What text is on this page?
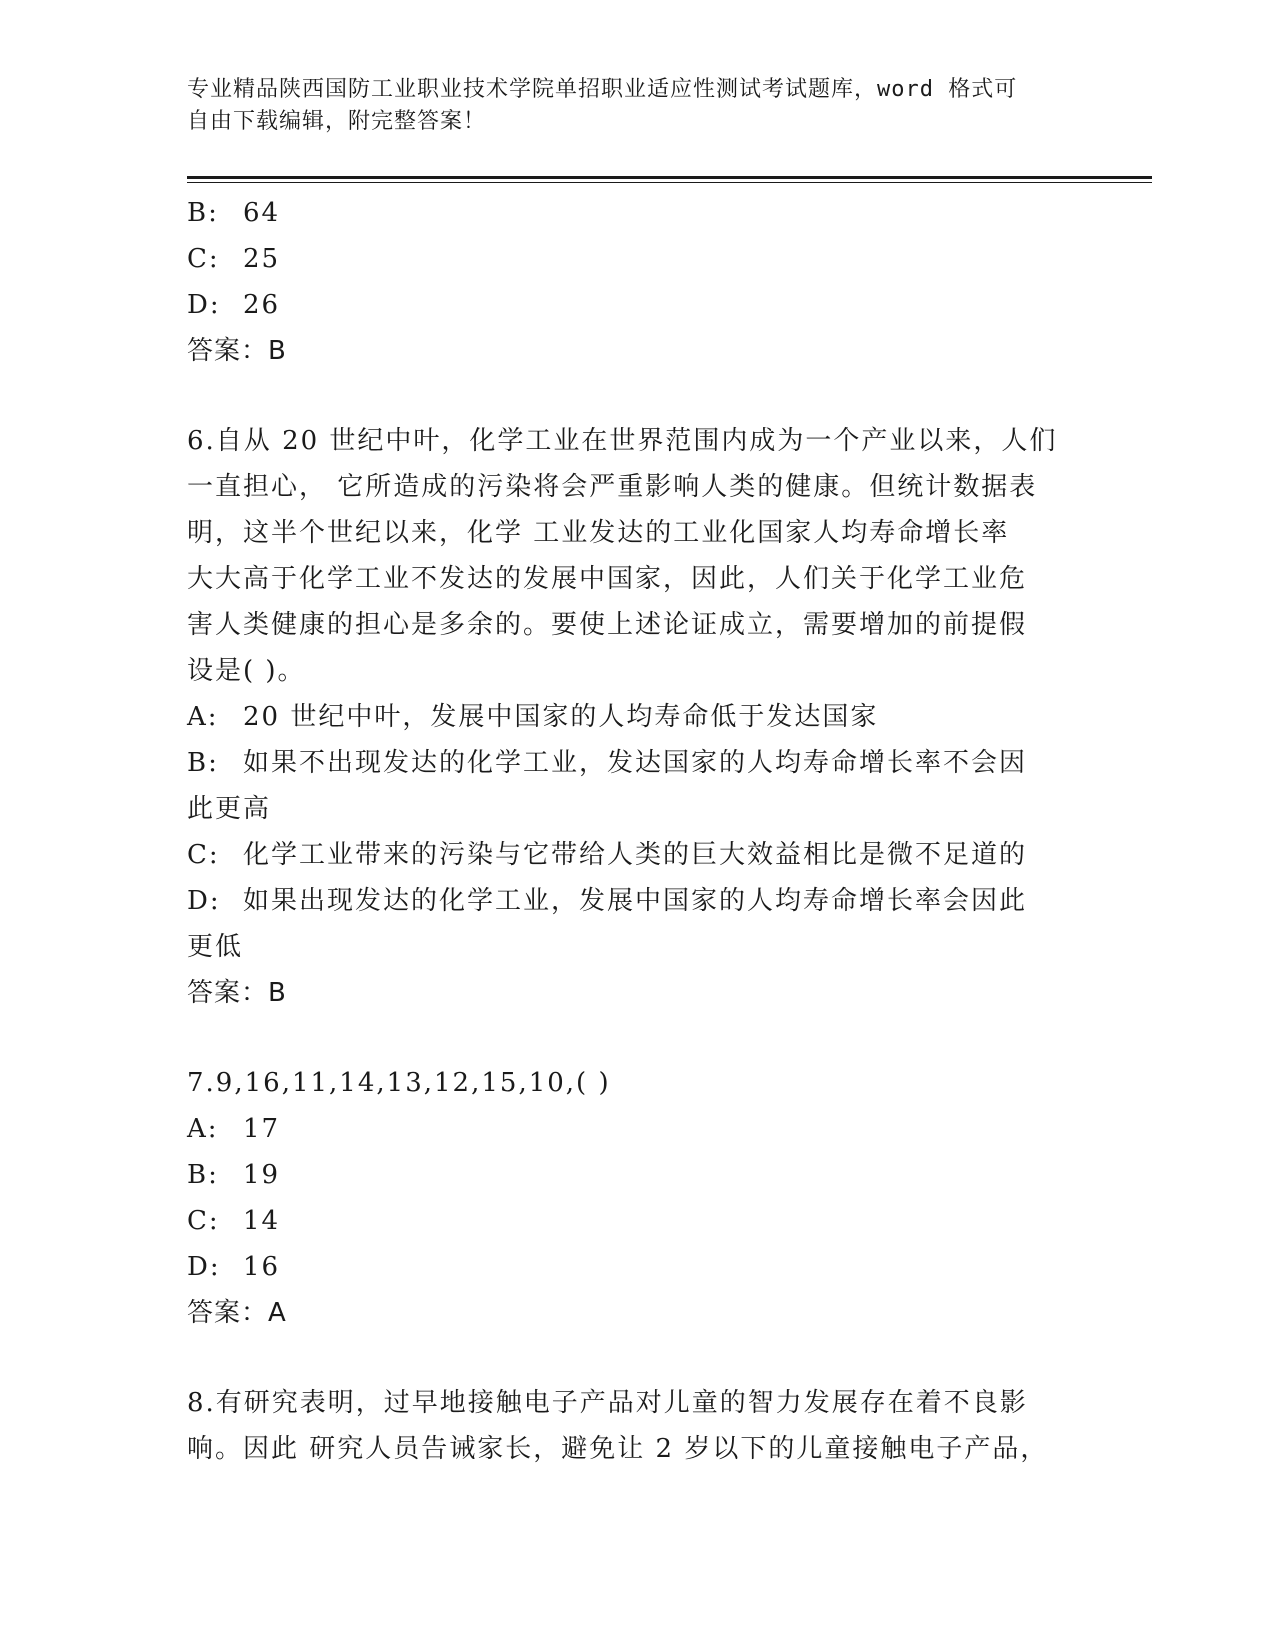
专业精品陕西国防工业职业技术学院单招职业适应性测试考试题库，word 格式可
自由下载编辑，附完整答案！
B: 64
C: 25
D: 26
答案：B
6.自从 20 世纪中叶，化学工业在世界范围内成为一个产业以来，人们
一直担心， 它所造成的污染将会严重影响人类的健康。但统计数据表
明，这半个世纪以来，化学 工业发达的工业化国家人均寿命增长率
大大高于化学工业不发达的发展中国家，因此，人们关于化学工业危
害人类健康的担心是多余的。要使上述论证成立，需要增加的前提假
设是( )。
A: 20 世纪中叶，发展中国家的人均寿命低于发达国家
B: 如果不出现发达的化学工业，发达国家的人均寿命增长率不会因
此更高
C: 化学工业带来的污染与它带给人类的巨大效益相比是微不足道的
D: 如果出现发达的化学工业，发展中国家的人均寿命增长率会因此
更低
答案：B
7.9,16,11,14,13,12,15,10,( )
A: 17
B: 19
C: 14
D: 16
答案：A
8.有研究表明，过早地接触电子产品对儿童的智力发展存在着不良影
响。因此 研究人员告诫家长，避免让 2 岁以下的儿童接触电子产品，
